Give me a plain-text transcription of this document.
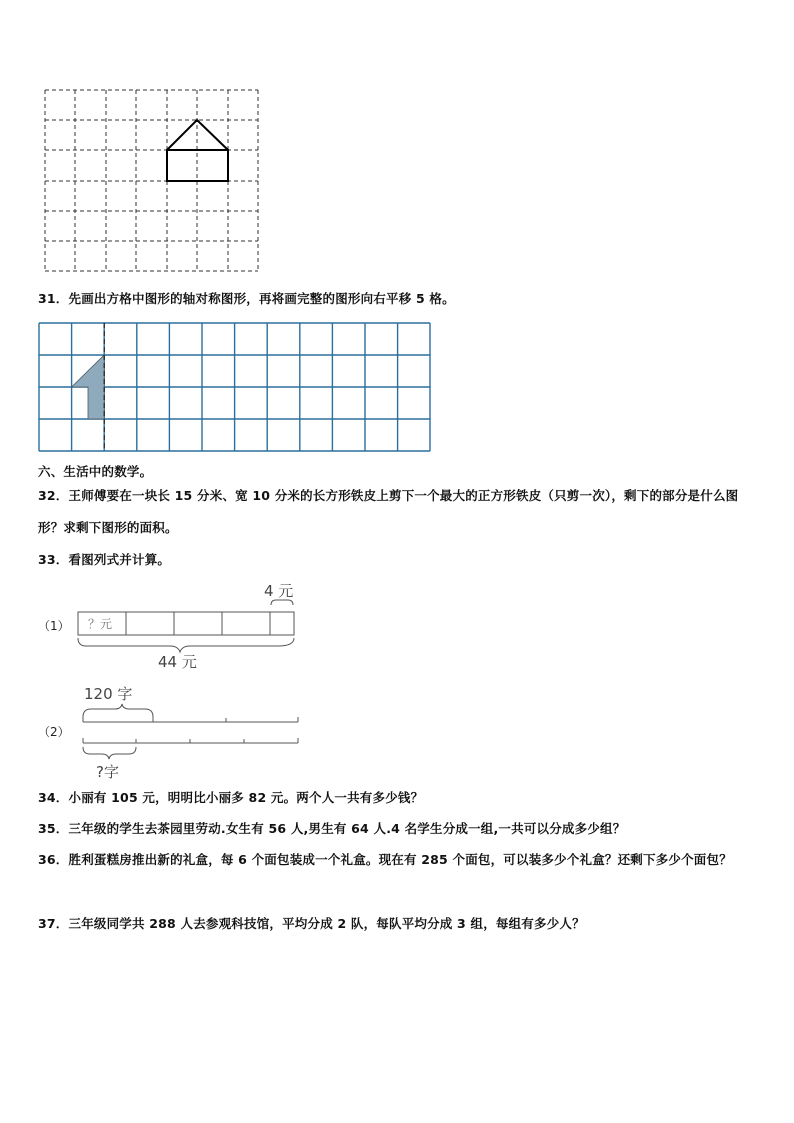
31．先画出方格中图形的轴对称图形，再将画完整的图形向右平移 5 格。
六、生活中的数学。
32．王师傅要在一块长 15 分米、宽 10 分米的长方形铁皮上剪下一个最大的正方形铁皮（只剪一次），剩下的部分是什么图形？求剩下图形的面积。
33．看图列式并计算。
（1） ？元
4 元
44 元
120 字
（2）
?字
34．小丽有 105 元，明明比小丽多 82 元。两个人一共有多少钱？
35．三年级的学生去茶园里劳动.女生有 56 人,男生有 64 人.4 名学生分成一组,一共可以分成多少组？
36．胜利蛋糕房推出新的礼盒，每 6 个面包装成一个礼盒。现在有 285 个面包，可以装多少个礼盒？还剩下多少个面包？
37．三年级同学共 288 人去参观科技馆，平均分成 2 队，每队平均分成 3 组，每组有多少人？
